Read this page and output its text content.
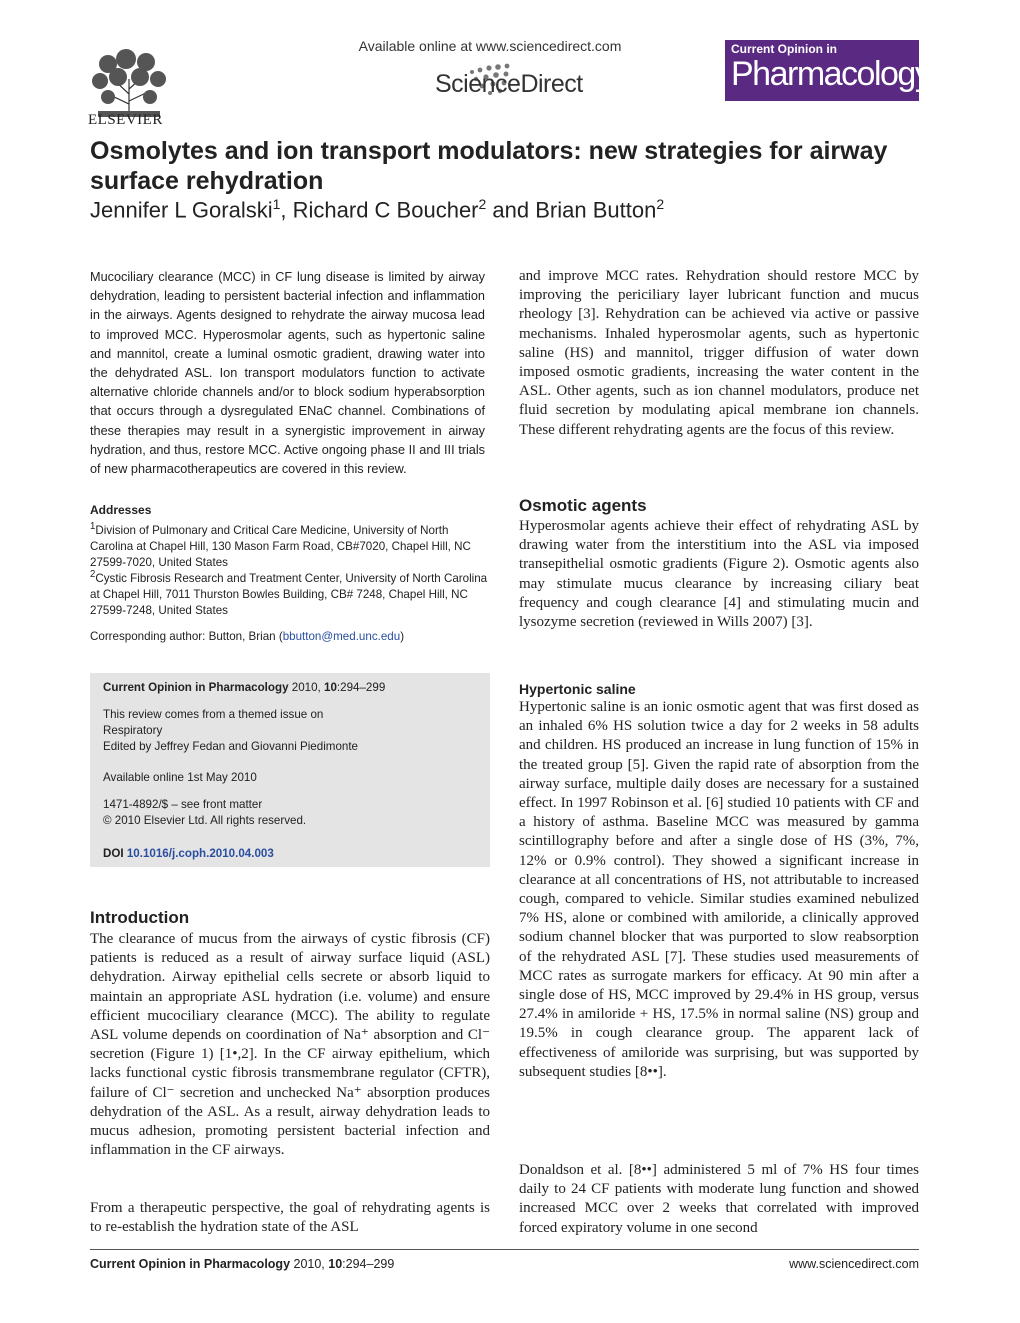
ELSEVIER
Available online at www.sciencedirect.com
ScienceDirect
Current Opinion in
Pharmacology
Osmolytes and ion transport modulators: new strategies for airway surface rehydration
Jennifer L Goralski$^1$, Richard C Boucher$^2$ and Brian Button$^2$
Mucociliary clearance (MCC) in CF lung disease is limited by airway dehydration, leading to persistent bacterial infection and inflammation in the airways. Agents designed to rehydrate the airway mucosa lead to improved MCC. Hyperosmolar agents, such as hypertonic saline and mannitol, create a luminal osmotic gradient, drawing water into the dehydrated ASL. Ion transport modulators function to activate alternative chloride channels and/or to block sodium hyperabsorption that occurs through a dysregulated ENaC channel. Combinations of these therapies may result in a synergistic improvement in airway hydration, and thus, restore MCC. Active ongoing phase II and III trials of new pharmacotherapeutics are covered in this review.
Addresses
$^1$Division of Pulmonary and Critical Care Medicine, University of North Carolina at Chapel Hill, 130 Mason Farm Road, CB#7020, Chapel Hill, NC 27599-7020, United States
$^2$Cystic Fibrosis Research and Treatment Center, University of North Carolina at Chapel Hill, 7011 Thurston Bowles Building, CB# 7248, Chapel Hill, NC 27599-7248, United States
Corresponding author: Button, Brian (bbutton@med.unc.edu)
Current Opinion in Pharmacology 2010, 10:294–299
This review comes from a themed issue on
Respiratory
Edited by Jeffrey Fedan and Giovanni Piedimonte
Available online 1st May 2010
1471-4892/$ – see front matter
© 2010 Elsevier Ltd. All rights reserved.
DOI 10.1016/j.coph.2010.04.003
Introduction
The clearance of mucus from the airways of cystic fibrosis (CF) patients is reduced as a result of airway surface liquid (ASL) dehydration. Airway epithelial cells secrete or absorb liquid to maintain an appropriate ASL hydration (i.e. volume) and ensure efficient mucociliary clearance (MCC). The ability to regulate ASL volume depends on coordination of Na⁺ absorption and Cl⁻ secretion (Figure 1) [1•,2]. In the CF airway epithelium, which lacks functional cystic fibrosis transmembrane regulator (CFTR), failure of Cl⁻ secretion and unchecked Na⁺ absorption produces dehydration of the ASL. As a result, airway dehydration leads to mucus adhesion, promoting persistent bacterial infection and inflammation in the CF airways.
From a therapeutic perspective, the goal of rehydrating agents is to re-establish the hydration state of the ASL
and improve MCC rates. Rehydration should restore MCC by improving the periciliary layer lubricant function and mucus rheology [3]. Rehydration can be achieved via active or passive mechanisms. Inhaled hyperosmolar agents, such as hypertonic saline (HS) and mannitol, trigger diffusion of water down imposed osmotic gradients, increasing the water content in the ASL. Other agents, such as ion channel modulators, produce net fluid secretion by modulating apical membrane ion channels. These different rehydrating agents are the focus of this review.
Osmotic agents
Hyperosmolar agents achieve their effect of rehydrating ASL by drawing water from the interstitium into the ASL via imposed transepithelial osmotic gradients (Figure 2). Osmotic agents also may stimulate mucus clearance by increasing ciliary beat frequency and cough clearance [4] and stimulating mucin and lysozyme secretion (reviewed in Wills 2007) [3].
Hypertonic saline
Hypertonic saline is an ionic osmotic agent that was first dosed as an inhaled 6% HS solution twice a day for 2 weeks in 58 adults and children. HS produced an increase in lung function of 15% in the treated group [5]. Given the rapid rate of absorption from the airway surface, multiple daily doses are necessary for a sustained effect. In 1997 Robinson et al. [6] studied 10 patients with CF and a history of asthma. Baseline MCC was measured by gamma scintillography before and after a single dose of HS (3%, 7%, 12% or 0.9% control). They showed a significant increase in clearance at all concentrations of HS, not attributable to increased cough, compared to vehicle. Similar studies examined nebulized 7% HS, alone or combined with amiloride, a clinically approved sodium channel blocker that was purported to slow reabsorption of the rehydrated ASL [7]. These studies used measurements of MCC rates as surrogate markers for efficacy. At 90 min after a single dose of HS, MCC improved by 29.4% in HS group, versus 27.4% in amiloride + HS, 17.5% in normal saline (NS) group and 19.5% in cough clearance group. The apparent lack of effectiveness of amiloride was surprising, but was supported by subsequent studies [8••].
Donaldson et al. [8••] administered 5 ml of 7% HS four times daily to 24 CF patients with moderate lung function and showed increased MCC over 2 weeks that correlated with improved forced expiratory volume in one second
Current Opinion in Pharmacology 2010, 10:294–299	www.sciencedirect.com
